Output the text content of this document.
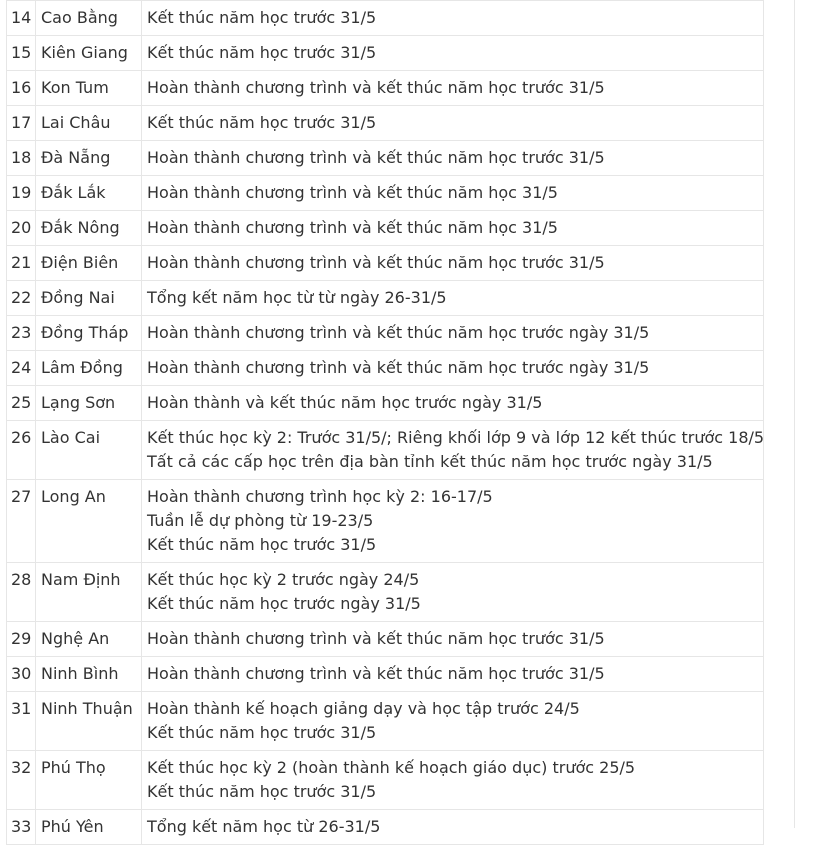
14	Cao Bằng	Kết thúc năm học trước 31/5

15	Kiên Giang	Kết thúc năm học trước 31/5

16	Kon Tum	Hoàn thành chương trình và kết thúc năm học trước 31/5

17	Lai Châu	Kết thúc năm học trước 31/5

18	Đà Nẵng	Hoàn thành chương trình và kết thúc năm học trước 31/5

19	Đắk Lắk	Hoàn thành chương trình và kết thúc năm học 31/5

20	Đắk Nông	Hoàn thành chương trình và kết thúc năm học 31/5

21	Điện Biên	Hoàn thành chương trình và kết thúc năm học trước 31/5

22	Đồng Nai	Tổng kết năm học từ từ ngày 26-31/5

23	Đồng Tháp	Hoàn thành chương trình và kết thúc năm học trước ngày 31/5

24	Lâm Đồng	Hoàn thành chương trình và kết thúc năm học trước ngày 31/5

25	Lạng Sơn	Hoàn thành và kết thúc năm học trước ngày 31/5

26	Lào Cai	Kết thúc học kỳ 2: Trước 31/5/; Riêng khối lớp 9 và lớp 12 kết thúc trước 18/5
Tất cả các cấp học trên địa bàn tỉnh kết thúc năm học trước ngày 31/5

27	Long An	Hoàn thành chương trình học kỳ 2: 16-17/5
Tuần lễ dự phòng từ 19-23/5
Kết thúc năm học trước 31/5

28	Nam Định	Kết thúc học kỳ 2 trước ngày 24/5
Kết thúc năm học trước ngày 31/5

29	Nghệ An	Hoàn thành chương trình và kết thúc năm học trước 31/5

30	Ninh Bình	Hoàn thành chương trình và kết thúc năm học trước 31/5

31	Ninh Thuận	Hoàn thành kế hoạch giảng dạy và học tập trước 24/5
Kết thúc năm học trước 31/5

32	Phú Thọ	Kết thúc học kỳ 2 (hoàn thành kế hoạch giáo dục) trước 25/5
Kết thúc năm học trước 31/5

33	Phú Yên	Tổng kết năm học từ 26-31/5
